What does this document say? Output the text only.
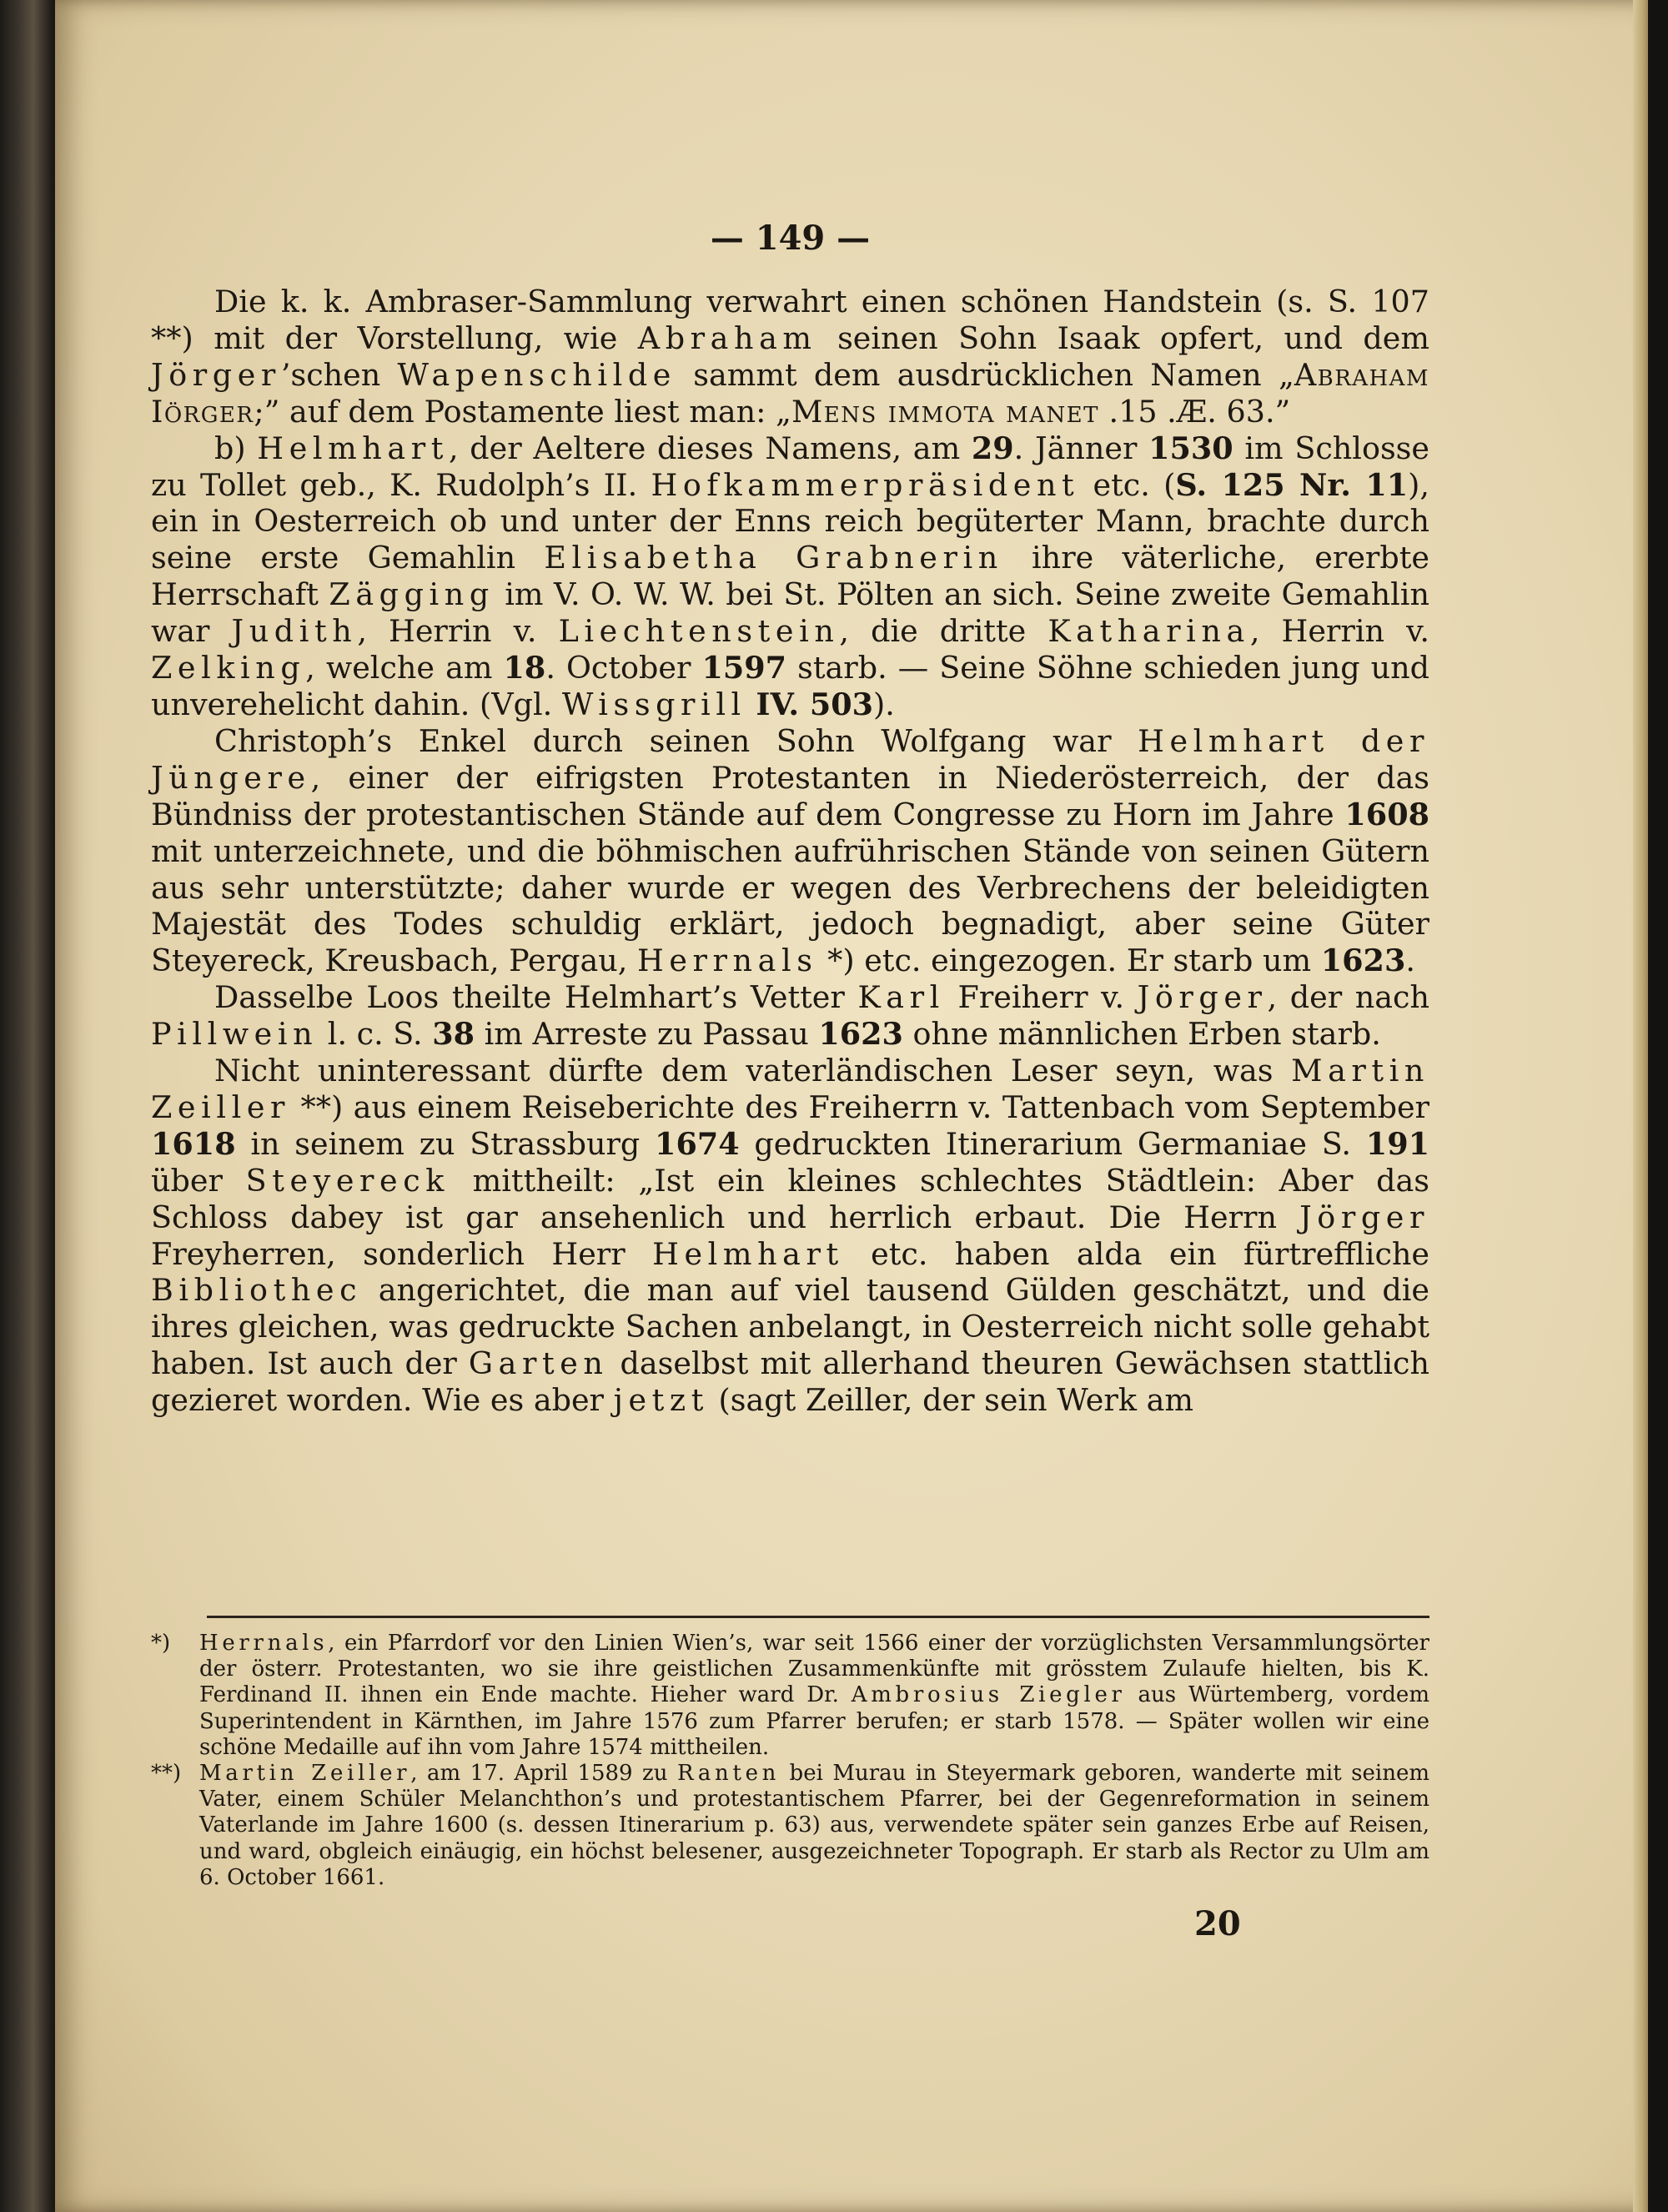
— 149 —

Die k. k. Ambraser-Sammlung verwahrt einen schönen Handstein (s. S. 107 **) mit der Vorstellung, wie Abraham seinen Sohn Isaak opfert, und dem Jörger’schen Wapenschilde sammt dem ausdrücklichen Namen „Abraham Iörger;” auf dem Postamente liest man: „Mens immota manet .15 .Æ. 63.”

b) Helmhart, der Aeltere dieses Namens, am 29. Jänner 1530 im Schlosse zu Tollet geb., K. Rudolph’s II. Hofkammerpräsident etc. (S. 125 Nr. 11), ein in Oesterreich ob und unter der Enns reich begüterter Mann, brachte durch seine erste Gemahlin Elisabetha Grabnerin ihre väterliche, ererbte Herrschaft Zägging im V. O. W. W. bei St. Pölten an sich. Seine zweite Gemahlin war Judith, Herrin v. Liechtenstein, die dritte Katharina, Herrin v. Zelking, welche am 18. October 1597 starb. — Seine Söhne schieden jung und unverehelicht dahin. (Vgl. Wissgrill IV. 503).

Christoph’s Enkel durch seinen Sohn Wolfgang war Helmhart der Jüngere, einer der eifrigsten Protestanten in Niederösterreich, der das Bündniss der protestantischen Stände auf dem Congresse zu Horn im Jahre 1608 mit unterzeichnete, und die böhmischen aufrührischen Stände von seinen Gütern aus sehr unterstützte; daher wurde er wegen des Verbrechens der beleidigten Majestät des Todes schuldig erklärt, jedoch begnadigt, aber seine Güter Steyereck, Kreusbach, Pergau, Herrnals *) etc. eingezogen. Er starb um 1623.

Dasselbe Loos theilte Helmhart’s Vetter Karl Freiherr v. Jörger, der nach Pillwein l. c. S. 38 im Arreste zu Passau 1623 ohne männlichen Erben starb.

Nicht uninteressant dürfte dem vaterländischen Leser seyn, was Martin Zeiller **) aus einem Reiseberichte des Freiherrn v. Tattenbach vom September 1618 in seinem zu Strassburg 1674 gedruckten Itinerarium Germaniae S. 191 über Steyereck mittheilt: „Ist ein kleines schlechtes Städtlein: Aber das Schloss dabey ist gar ansehenlich und herrlich erbaut. Die Herrn Jörger Freyherren, sonderlich Herr Helmhart etc. haben alda ein fürtreffliche Bibliothec angerichtet, die man auf viel tausend Gülden geschätzt, und die ihres gleichen, was gedruckte Sachen anbelangt, in Oesterreich nicht solle gehabt haben. Ist auch der Garten daselbst mit allerhand theuren Gewächsen stattlich gezieret worden. Wie es aber jetzt (sagt Zeiller, der sein Werk am

*) Herrnals, ein Pfarrdorf vor den Linien Wien’s, war seit 1566 einer der vorzüglichsten Versammlungsörter der österr. Protestanten, wo sie ihre geistlichen Zusammenkünfte mit grösstem Zulaufe hielten, bis K. Ferdinand II. ihnen ein Ende machte. Hieher ward Dr. Ambrosius Ziegler aus Würtemberg, vordem Superintendent in Kärnthen, im Jahre 1576 zum Pfarrer berufen; er starb 1578. — Später wollen wir eine schöne Medaille auf ihn vom Jahre 1574 mittheilen.

**) Martin Zeiller, am 17. April 1589 zu Ranten bei Murau in Steyermark geboren, wanderte mit seinem Vater, einem Schüler Melanchthon’s und protestantischem Pfarrer, bei der Gegenreformation in seinem Vaterlande im Jahre 1600 (s. dessen Itinerarium p. 63) aus, verwendete später sein ganzes Erbe auf Reisen, und ward, obgleich einäugig, ein höchst belesener, ausgezeichneter Topograph. Er starb als Rector zu Ulm am 6. October 1661.

20
